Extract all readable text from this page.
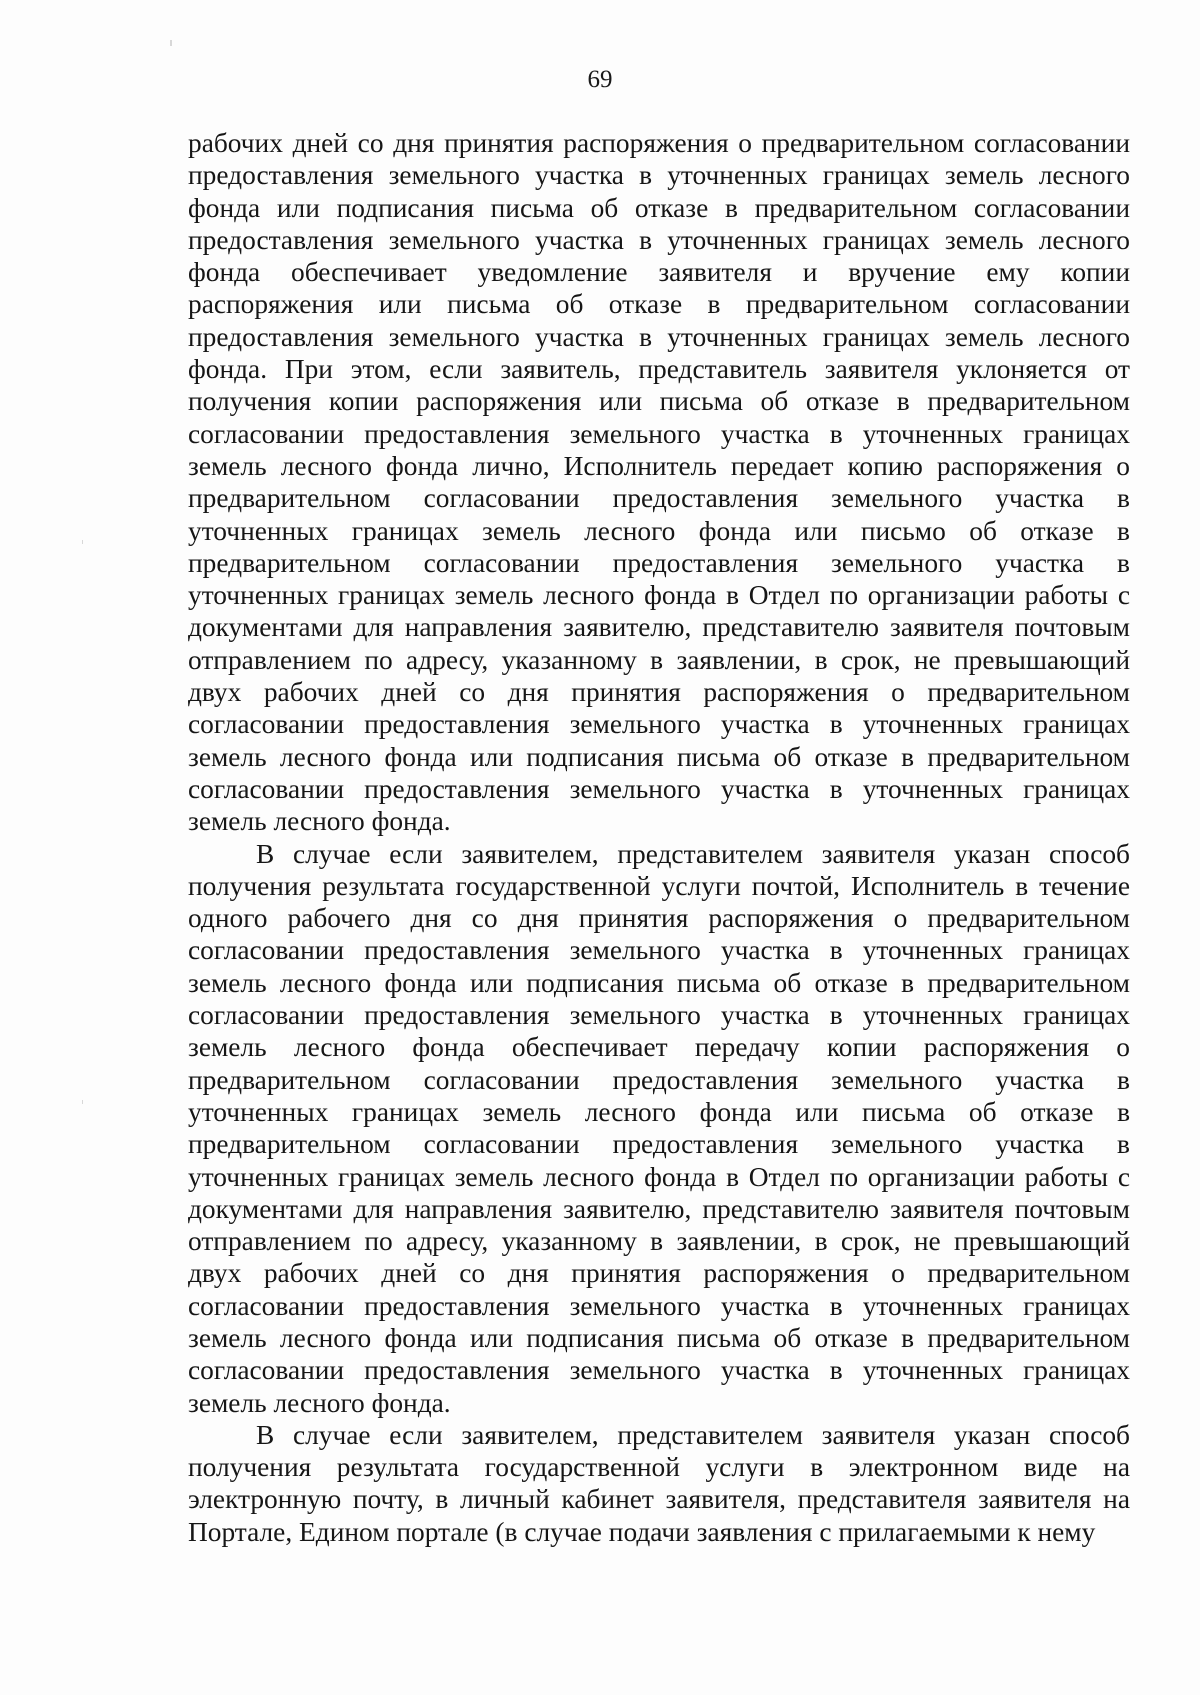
69

рабочих дней со дня принятия распоряжения о предварительном согласовании предоставления земельного участка в уточненных границах земель лесного фонда или подписания письма об отказе в предварительном согласовании предоставления земельного участка в уточненных границах земель лесного фонда обеспечивает уведомление заявителя и вручение ему копии распоряжения или письма об отказе в предварительном согласовании предоставления земельного участка в уточненных границах земель лесного фонда. При этом, если заявитель, представитель заявителя уклоняется от получения копии распоряжения или письма об отказе в предварительном согласовании предоставления земельного участка в уточненных границах земель лесного фонда лично, Исполнитель передает копию распоряжения о предварительном согласовании предоставления земельного участка в уточненных границах земель лесного фонда или письмо об отказе в предварительном согласовании предоставления земельного участка в уточненных границах земель лесного фонда в Отдел по организации работы с документами для направления заявителю, представителю заявителя почтовым отправлением по адресу, указанному в заявлении, в срок, не превышающий двух рабочих дней со дня принятия распоряжения о предварительном согласовании предоставления земельного участка в уточненных границах земель лесного фонда или подписания письма об отказе в предварительном согласовании предоставления земельного участка в уточненных границах земель лесного фонда.

В случае если заявителем, представителем заявителя указан способ получения результата государственной услуги почтой, Исполнитель в течение одного рабочего дня со дня принятия распоряжения о предварительном согласовании предоставления земельного участка в уточненных границах земель лесного фонда или подписания письма об отказе в предварительном согласовании предоставления земельного участка в уточненных границах земель лесного фонда обеспечивает передачу копии распоряжения о предварительном согласовании предоставления земельного участка в уточненных границах земель лесного фонда или письма об отказе в предварительном согласовании предоставления земельного участка в уточненных границах земель лесного фонда в Отдел по организации работы с документами для направления заявителю, представителю заявителя почтовым отправлением по адресу, указанному в заявлении, в срок, не превышающий двух рабочих дней со дня принятия распоряжения о предварительном согласовании предоставления земельного участка в уточненных границах земель лесного фонда или подписания письма об отказе в предварительном согласовании предоставления земельного участка в уточненных границах земель лесного фонда.

В случае если заявителем, представителем заявителя указан способ получения результата государственной услуги в электронном виде на электронную почту, в личный кабинет заявителя, представителя заявителя на Портале, Едином портале (в случае подачи заявления с прилагаемыми к нему
